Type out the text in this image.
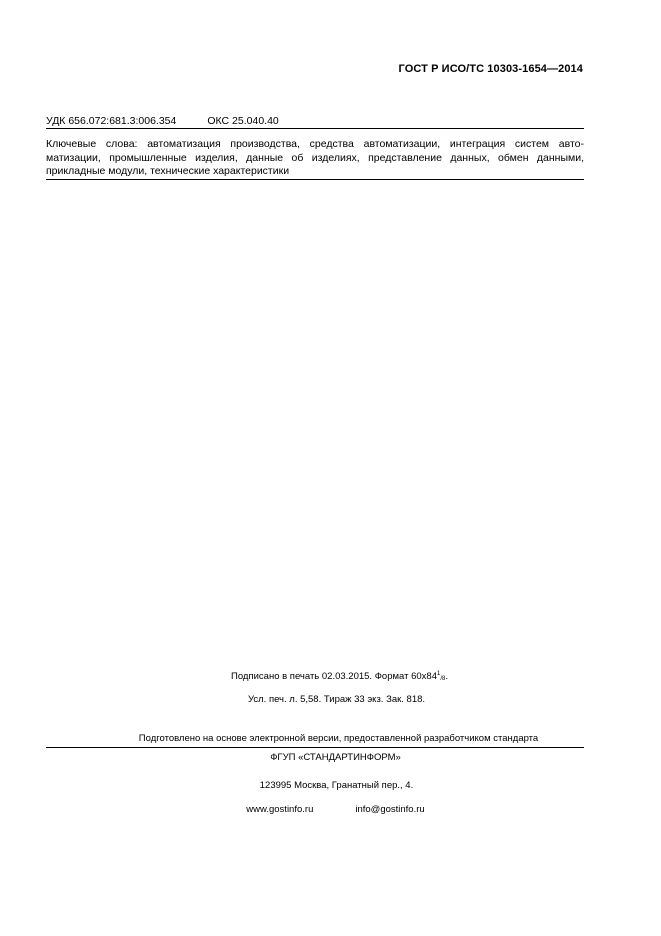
ГОСТ Р ИСО/ТС 10303-1654—2014
УДК 656.072:681.3:006.354	ОКС 25.040.40
Ключевые слова: автоматизация производства, средства автоматизации, интеграция систем авто-
матизации, промышленные изделия, данные об изделиях, представление данных, обмен данными,
прикладные модули, технические характеристики
Подписано в печать 02.03.2015. Формат $60х84^1/8$.
Усл. печ. л. 5,58. Тираж 33 экз. Зак. 818.
Подготовлено на основе электронной версии, предоставленной разработчиком стандарта
ФГУП «СТАНДАРТИНФОРМ»
123995 Москва, Гранатный пер., 4.
www.gostinfo.ru	info@gostinfo.ru
